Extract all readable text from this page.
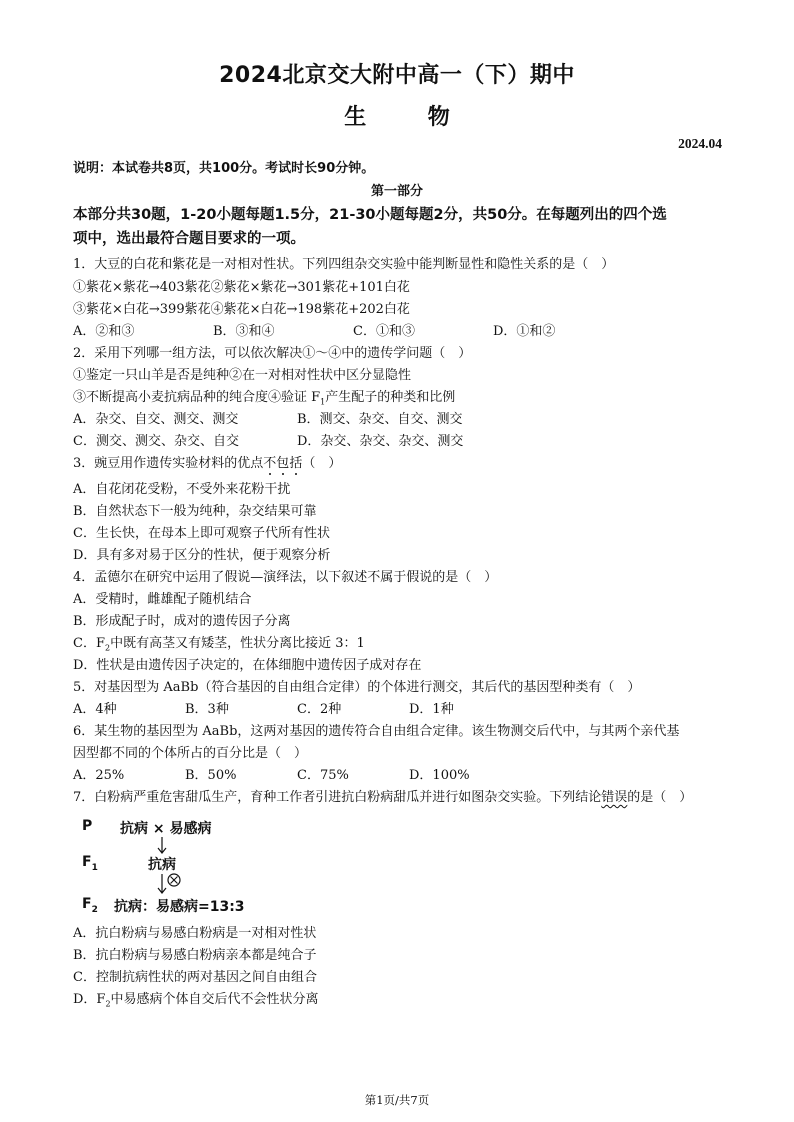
2024北京交大附中高一（下）期中
生	物
2024.04
说明：本试卷共8页，共100分。考试时长90分钟。
第一部分
本部分共30题，1-20小题每题1.5分，21-30小题每题2分，共50分。在每题列出的四个选
项中，选出最符合题目要求的一项。
1．大豆的白花和紫花是一对相对性状。下列四组杂交实验中能判断显性和隐性关系的是（　）
①紫花×紫花→403紫花②紫花×紫花→301紫花+101白花
③紫花×白花→399紫花④紫花×白花→198紫花+202白花
A．②和③	B．③和④	C．①和③	D．①和②
2．采用下列哪一组方法，可以依次解决①～④中的遗传学问题（　）
①鉴定一只山羊是否是纯种②在一对相对性状中区分显隐性
③不断提高小麦抗病品种的纯合度④验证 $F_1$产生配子的种类和比例
A．杂交、自交、测交、测交	B．测交、杂交、自交、测交
C．测交、测交、杂交、自交	D．杂交、杂交、杂交、测交
3．豌豆用作遗传实验材料的优点不包括（　）
A．自花闭花受粉，不受外来花粉干扰
B．自然状态下一般为纯种，杂交结果可靠
C．生长快，在母本上即可观察子代所有性状
D．具有多对易于区分的性状，便于观察分析
4．孟德尔在研究中运用了假说—演绎法，以下叙述不属于假说的是（　）
A．受精时，雌雄配子随机结合
B．形成配子时，成对的遗传因子分离
C．$F_2$中既有高茎又有矮茎，性状分离比接近 3：1
D．性状是由遗传因子决定的，在体细胞中遗传因子成对存在
5．对基因型为 AaBb（符合基因的自由组合定律）的个体进行测交，其后代的基因型种类有（　）
A．4种	B．3种	C．2种	D．1种
6．某生物的基因型为 AaBb，这两对基因的遗传符合自由组合定律。该生物测交后代中，与其两个亲代基
因型都不同的个体所占的百分比是（　）
A．25%	B．50%	C．75%	D．100%
7．白粉病严重危害甜瓜生产，育种工作者引进抗白粉病甜瓜并进行如图杂交实验。下列结论错误的是（　）
P 抗病 × 易感病
$F_1$	抗病
$F_2$ 抗病：易感病=13:3
A．抗白粉病与易感白粉病是一对相对性状
B．抗白粉病与易感白粉病亲本都是纯合子
C．控制抗病性状的两对基因之间自由组合
D．$F_2$中易感病个体自交后代不会性状分离
第1页/共7页
